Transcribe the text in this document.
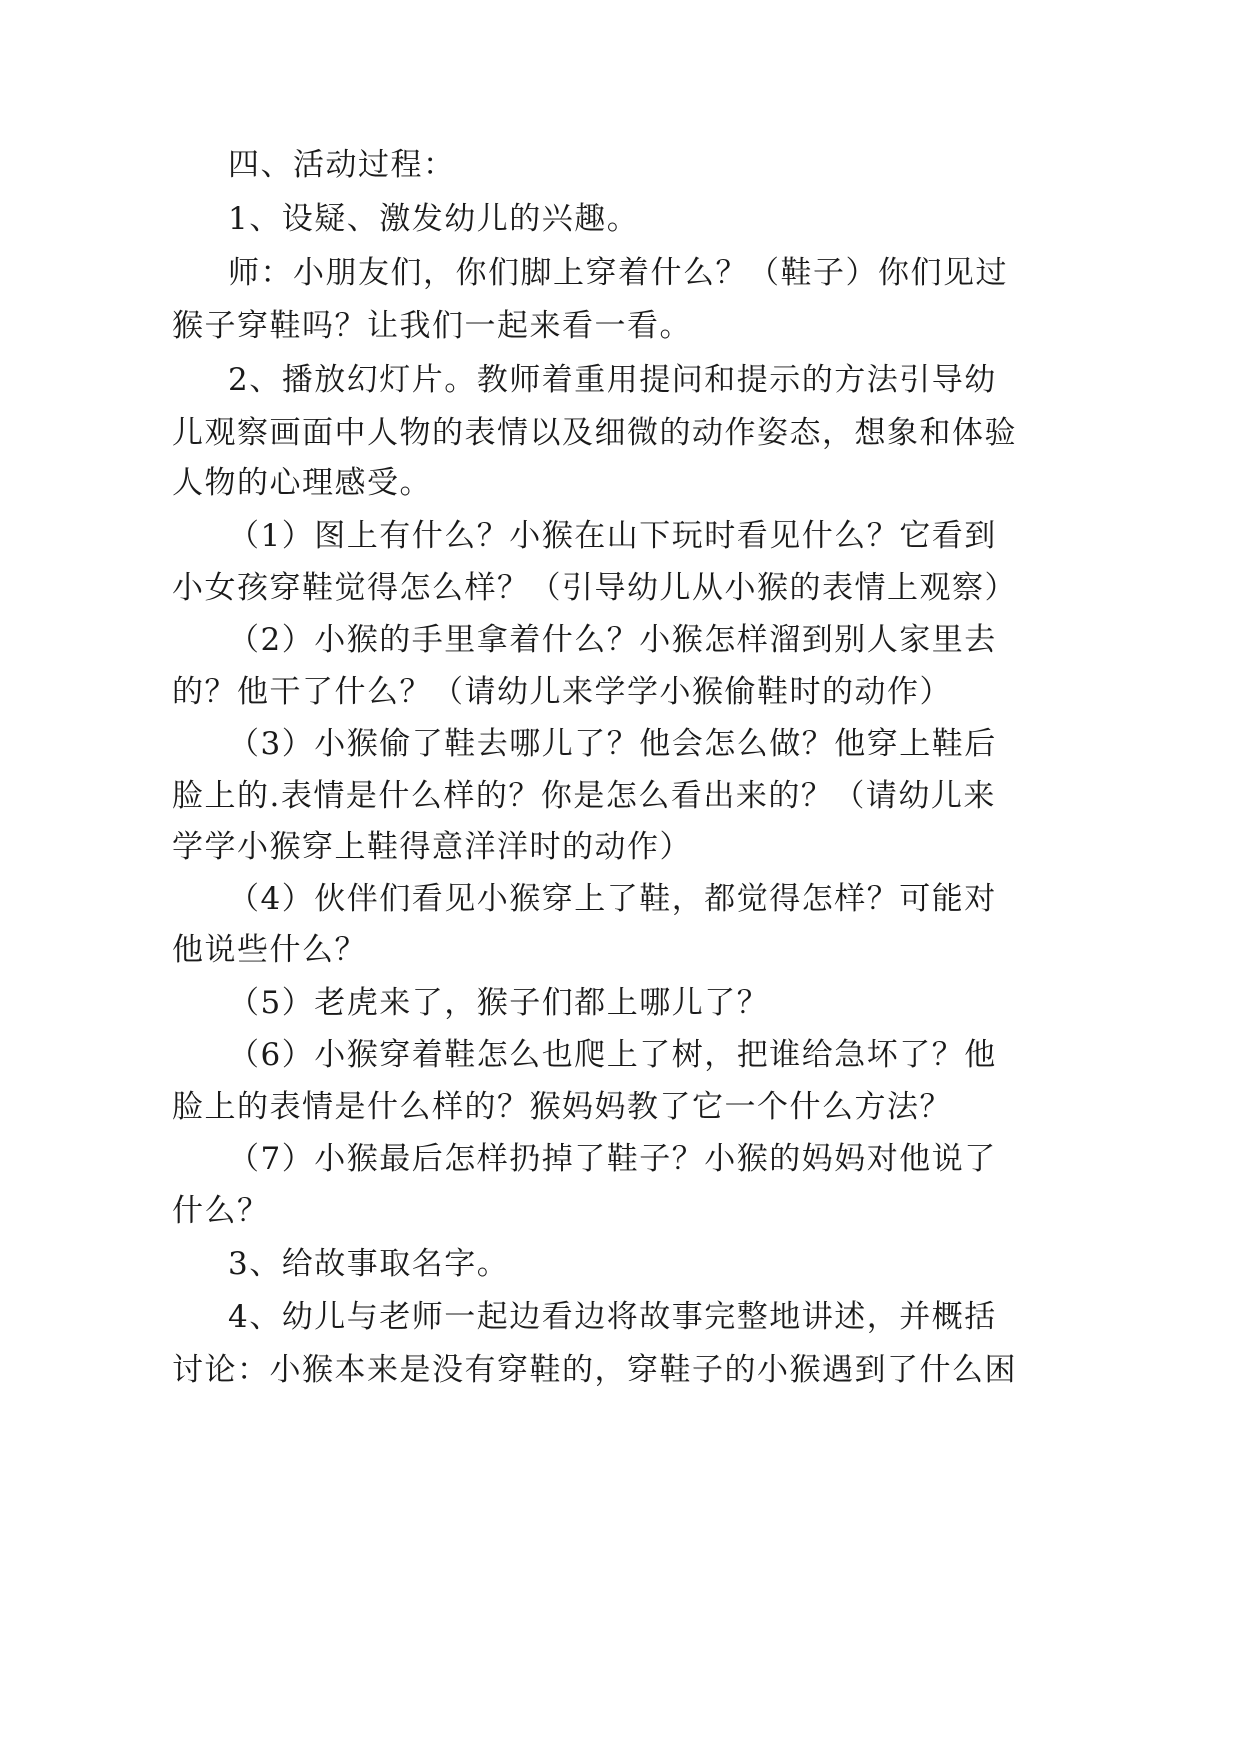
四、活动过程：
1、设疑、激发幼儿的兴趣。
师：小朋友们，你们脚上穿着什么？（鞋子）你们见过
猴子穿鞋吗？让我们一起来看一看。
2、播放幻灯片。教师着重用提问和提示的方法引导幼
儿观察画面中人物的表情以及细微的动作姿态，想象和体验
人物的心理感受。
（1）图上有什么？小猴在山下玩时看见什么？它看到
小女孩穿鞋觉得怎么样？（引导幼儿从小猴的表情上观察）
（2）小猴的手里拿着什么？小猴怎样溜到别人家里去
的？他干了什么？（请幼儿来学学小猴偷鞋时的动作）
（3）小猴偷了鞋去哪儿了？他会怎么做？他穿上鞋后
脸上的.表情是什么样的？你是怎么看出来的？（请幼儿来
学学小猴穿上鞋得意洋洋时的动作）
（4）伙伴们看见小猴穿上了鞋，都觉得怎样？可能对
他说些什么？
（5）老虎来了，猴子们都上哪儿了？
（6）小猴穿着鞋怎么也爬上了树，把谁给急坏了？他
脸上的表情是什么样的？猴妈妈教了它一个什么方法？
（7）小猴最后怎样扔掉了鞋子？小猴的妈妈对他说了
什么？
3、给故事取名字。
4、幼儿与老师一起边看边将故事完整地讲述，并概括
讨论：小猴本来是没有穿鞋的，穿鞋子的小猴遇到了什么困
